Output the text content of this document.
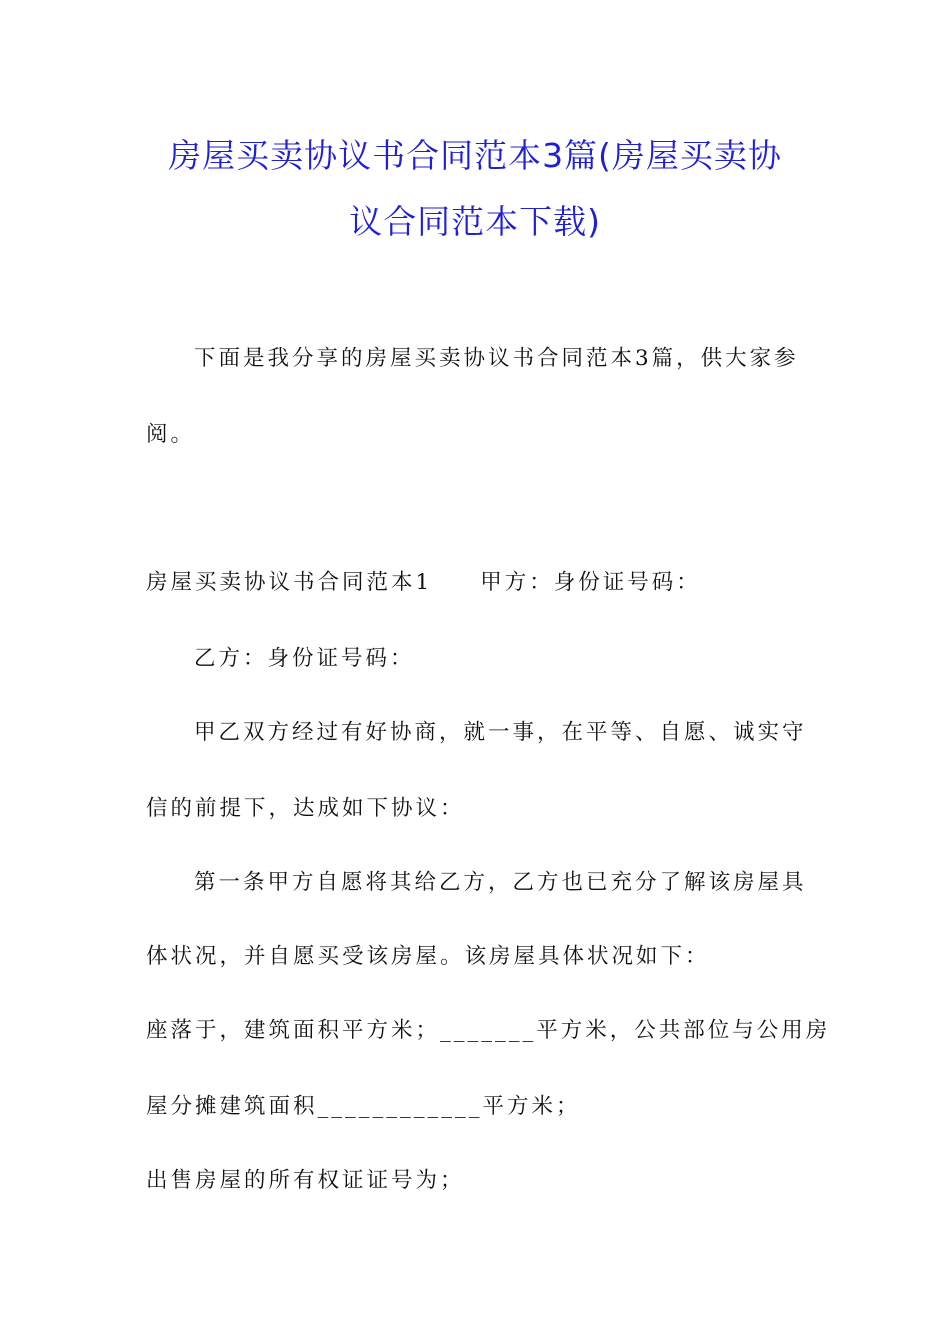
房屋买卖协议书合同范本3篇(房屋买卖协
议合同范本下载)

下面是我分享的房屋买卖协议书合同范本3篇，供大家参

阅。

房屋买卖协议书合同范本1 甲方：身份证号码：

乙方：身份证号码：

甲乙双方经过有好协商，就一事，在平等、自愿、诚实守

信的前提下，达成如下协议：

第一条甲方自愿将其给乙方，乙方也已充分了解该房屋具

体状况，并自愿买受该房屋。该房屋具体状况如下：

座落于，建筑面积平方米；_______平方米，公共部位与公用房

屋分摊建筑面积____________平方米；

出售房屋的所有权证证号为；
